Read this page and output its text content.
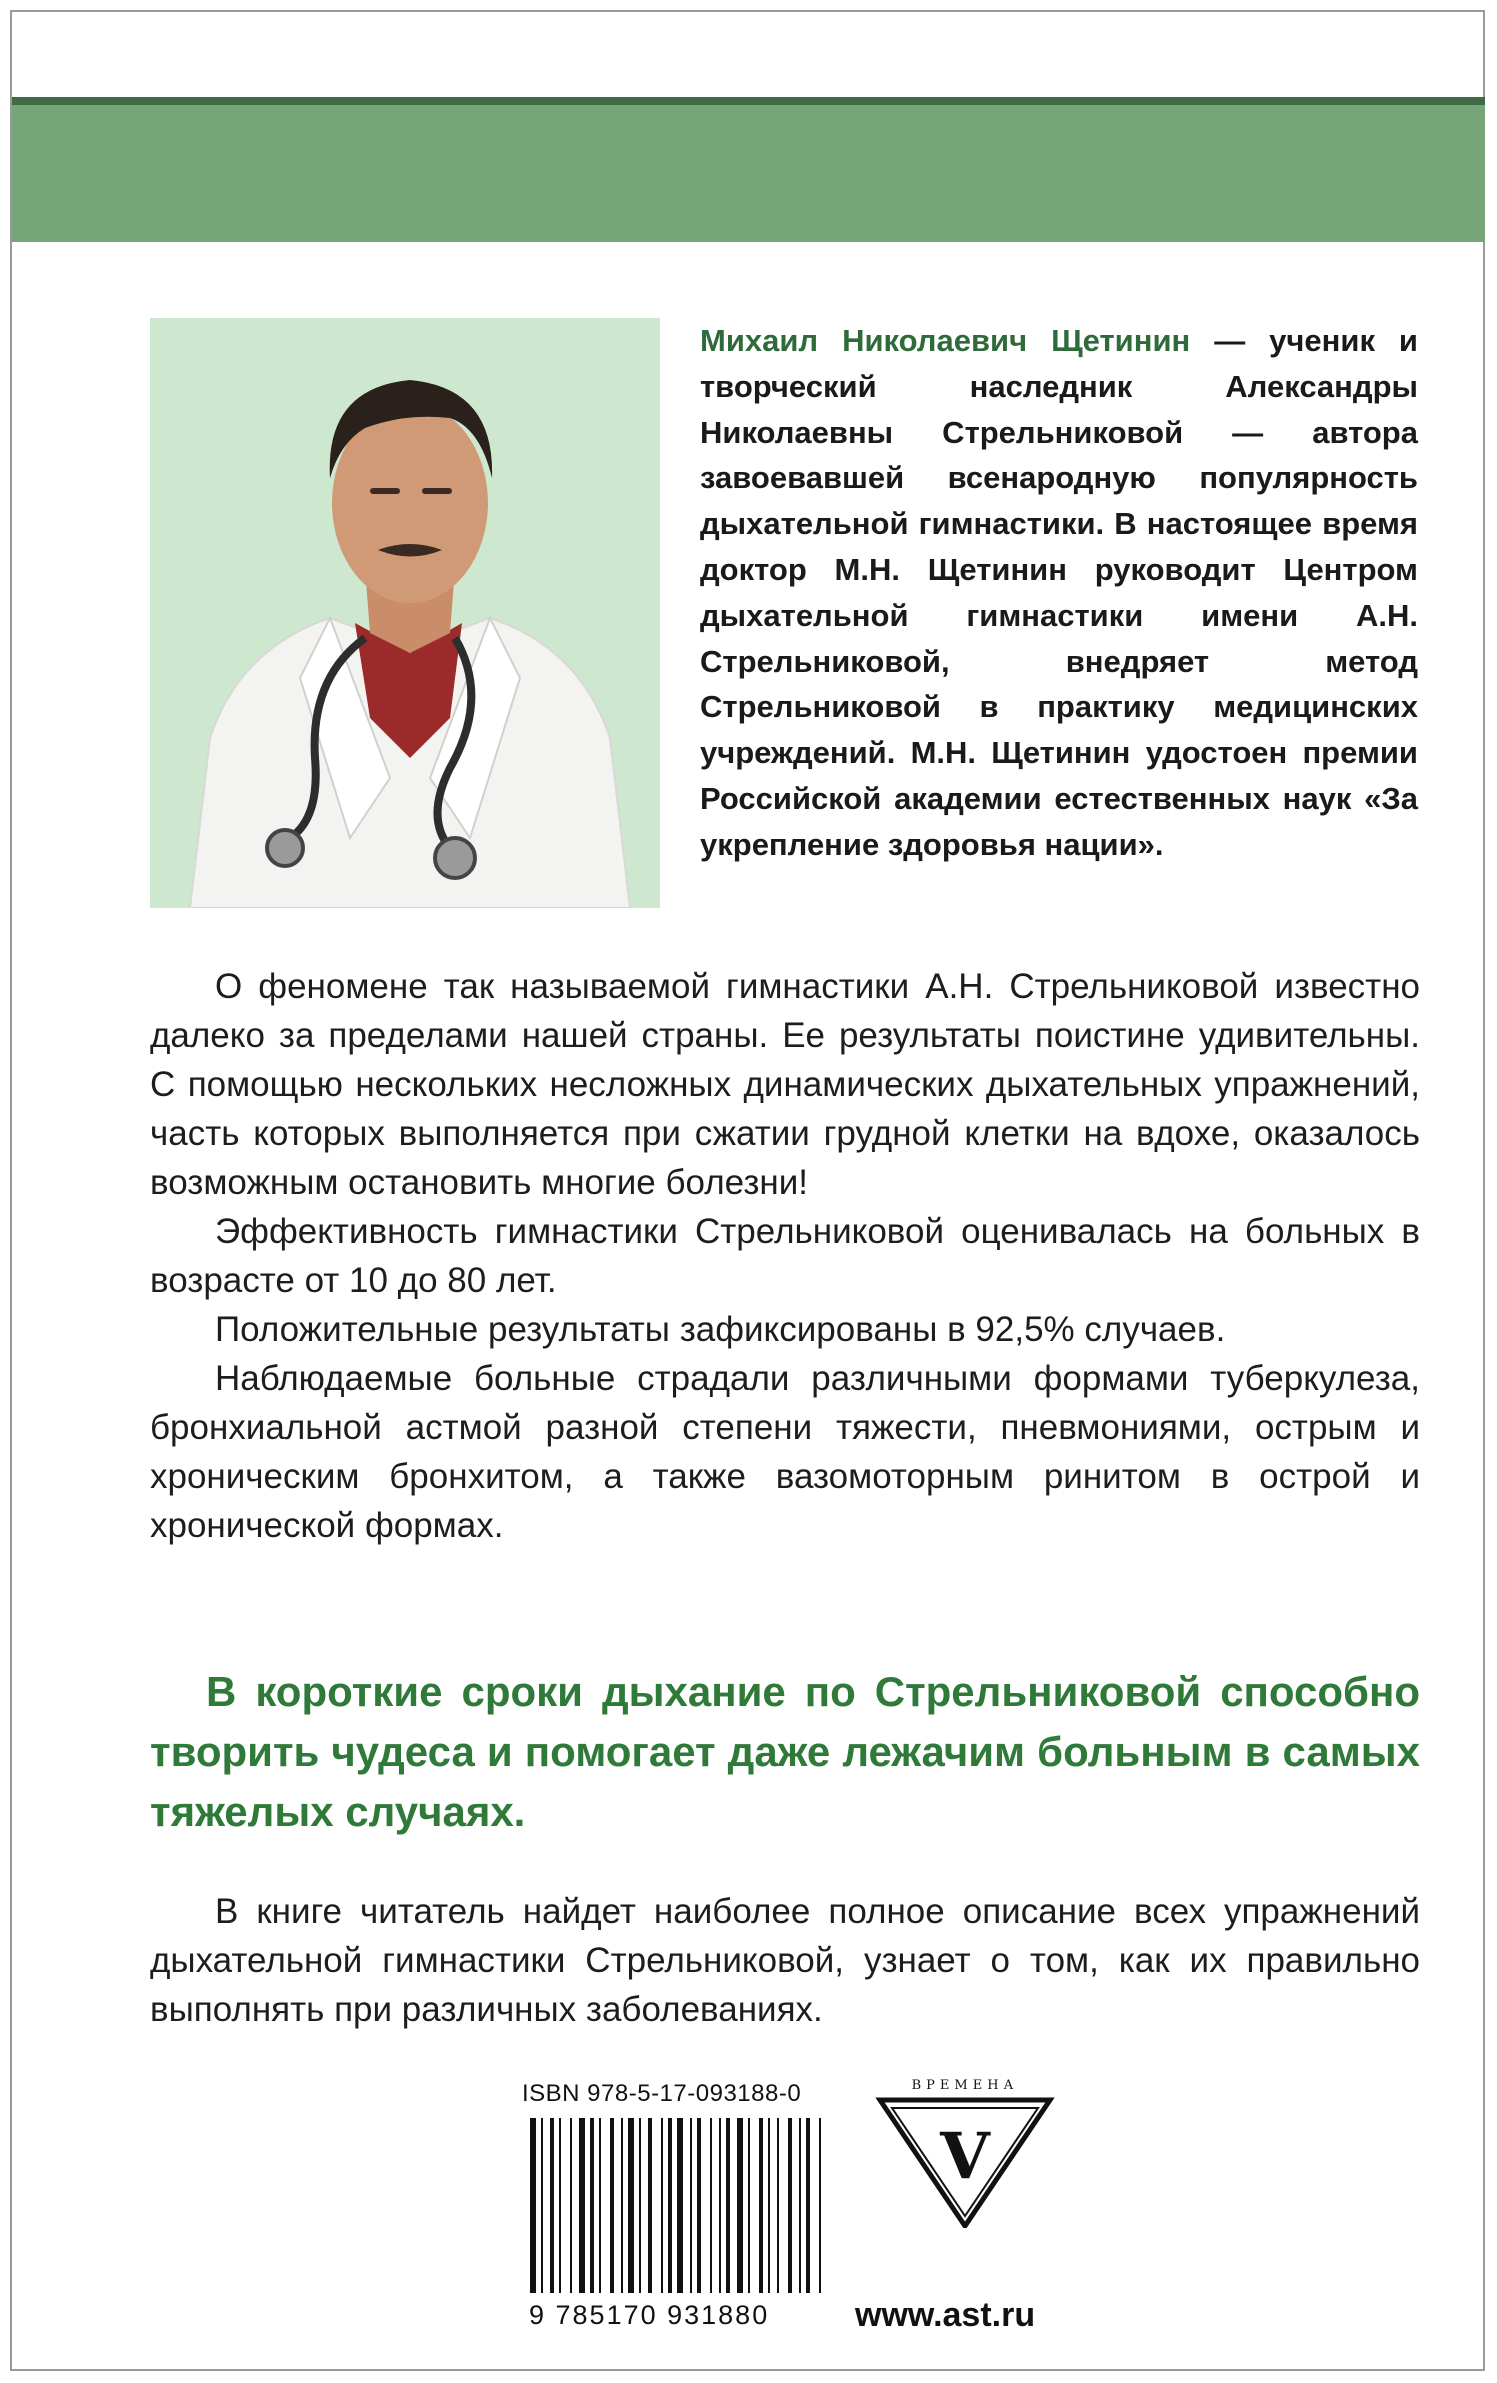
Михаил Николаевич Щетинин — ученик и творческий наследник Александры Николаевны Стрельниковой — автора завоевавшей всенародную популярность дыхательной гимнастики. В настоящее время доктор М.Н. Щетинин руководит Центром дыхательной гимнастики имени А.Н. Стрельниковой, внедряет метод Стрельниковой в практику медицинских учреждений. М.Н. Щетинин удостоен премии Российской академии естественных наук «За укрепление здоровья нации».

О феномене так называемой гимнастики А.Н. Стрельниковой известно далеко за пределами нашей страны. Ее результаты поистине удивительны. С помощью нескольких несложных динамических дыхательных упражнений, часть которых выполняется при сжатии грудной клетки на вдохе, оказалось возможным остановить многие болезни!

Эффективность гимнастики Стрельниковой оценивалась на больных в возрасте от 10 до 80 лет.

Положительные результаты зафиксированы в 92,5% случаев.

Наблюдаемые больные страдали различными формами туберкулеза, бронхиальной астмой разной степени тяжести, пневмониями, острым и хроническим бронхитом, а также вазомоторным ринитом в острой и хронической формах.

В короткие сроки дыхание по Стрельниковой способно творить чудеса и помогает даже лежачим больным в самых тяжелых случаях.

В книге читатель найдет наиболее полное описание всех упражнений дыхательной гимнастики Стрельниковой, узнает о том, как их правильно выполнять при различных заболеваниях.

ISBN 978-5-17-093188-0
9 785170 931880
V
ВРЕМЕНА
www.ast.ru
